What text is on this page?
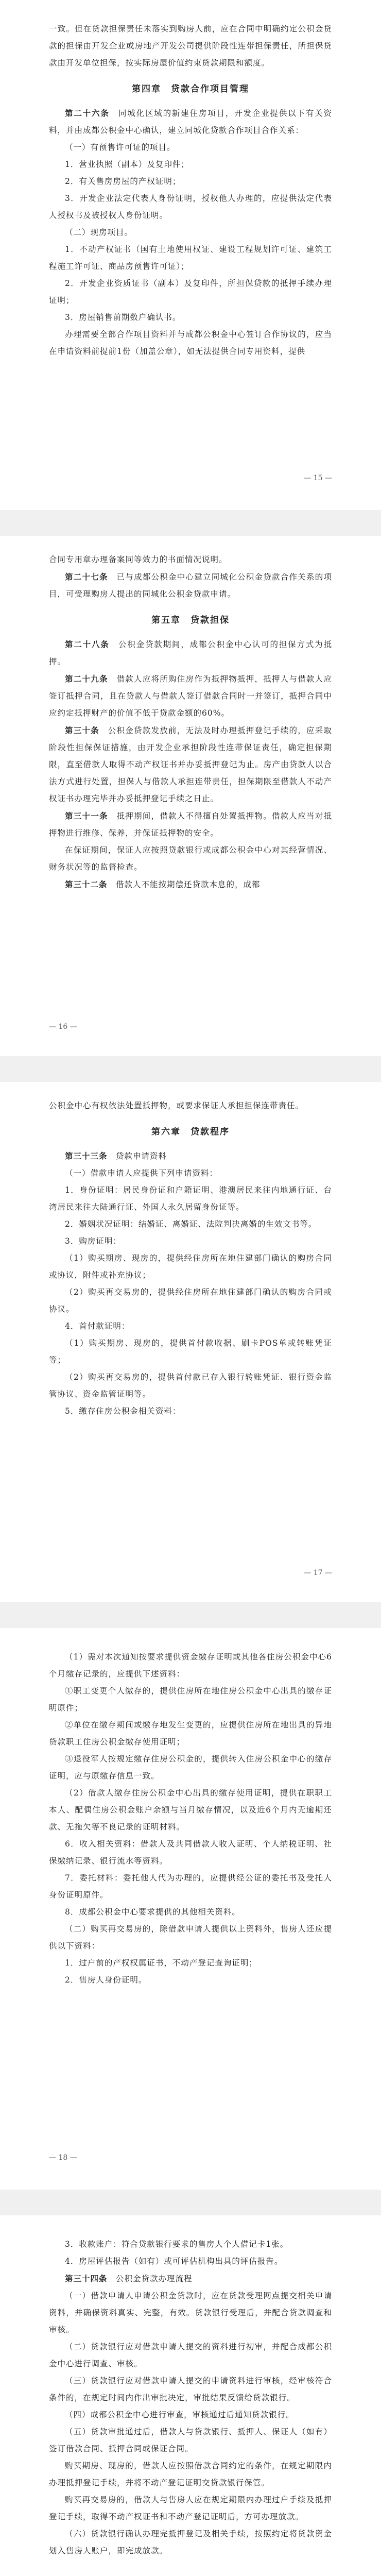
一致。但在贷款担保责任未落实到购房人前，应在合同中明确约定公积金贷款的担保由开发企业或房地产开发公司提供阶段性连带担保责任，所担保贷款由开发单位担保，按实际房屋价值约束贷款期限和额度。

第四章　贷款合作项目管理

第二十六条　同城化区域的新建住房项目，开发企业提供以下有关资料，并由成都公积金中心确认，建立同城化贷款合作项目合作关系：

（一）有预售许可证的项目。

1．营业执照（副本）及复印件；

2．有关售房房屋的产权证明；

3．开发企业法定代表人身份证明，授权他人办理的，应提供法定代表人授权书及被授权人身份证明。

（二）现房项目。

1．不动产权证书（国有土地使用权证、建设工程规划许可证、建筑工程施工许可证、商品房预售许可证）；

2．开发企业资质证书（副本）及复印件，所担保贷款的抵押手续办理证明；

3．房屋销售前期数户确认书。

办理需要全部合作项目资料并与成都公积金中心签订合作协议的，应当在申请资料前提前1份（加盖公章），如无法提供合同专用资料，提供

— 15 —

合同专用章办理备案同等效力的书面情况说明。

第二十七条　已与成都公积金中心建立同城化公积金贷款合作关系的项目，可受理购房人提出的同城化公积金贷款申请。

第五章　贷款担保

第二十八条　公积金贷款期间，成都公积金中心认可的担保方式为抵押。

第二十九条　借款人应将所购住房作为抵押物抵押，抵押人与借款人应签订抵押合同，且在贷款人与借款人签订借款合同时一并签订，抵押合同中应约定抵押财产的价值不低于贷款金额的60%。

第三十条　公积金贷款发放前，无法及时办理抵押登记手续的，应采取阶段性担保保证措施，由开发企业承担阶段性连带保证责任，确定担保期限，直至借款人取得不动产权证书并办妥抵押登记为止。房产由贷款人以合法方式进行处置，担保人与借款人承担连带责任，担保期限至借款人不动产权证书办理完毕并办妥抵押登记手续之日止。

第三十一条　抵押期间，借款人不得擅自处置抵押物。借款人应当对抵押物进行维修、保养，并保证抵押物的安全。

在保证期间，保证人应按照贷款银行或成都公积金中心对其经营情况、财务状况等的监督检查。

第三十二条　借款人不能按期偿还贷款本息的，成都

— 16 —

公积金中心有权依法处置抵押物，或要求保证人承担担保连带责任。

第六章　贷款程序

第三十三条　贷款申请资料

（一）借款申请人应提供下列申请资料：

1．身份证明：居民身份证和户籍证明、港澳居民来往内地通行证、台湾居民来往大陆通行证、外国人永久居留身份证等。

2．婚姻状况证明：结婚证、离婚证、法院判决离婚的生效文书等。

3．购房证明：

（1）购买期房、现房的，提供经住房所在地住建部门确认的购房合同或协议，附件或补充协议；

（2）购买再交易房的，提供经住房所在地住建部门确认的购房合同或协议。

4．首付款证明：

（1）购买期房、现房的，提供首付款收据、刷卡POS单或转账凭证等；

（2）购买再交易房的，提供首付款已存入银行转账凭证、银行资金监管协议、资金监管证明等。

5．缴存住房公积金相关资料：

— 17 —

（1）需对本次通知按要求提供资金缴存证明或其他各住房公积金中心6个月缴存记录的，应提供下述资料：

①职工变更个人缴存的，提供住房所在地住房公积金中心出具的缴存证明原件；

②单位在缴存期间或缴存地发生变更的，应提供住房所在地出具的异地贷款职工住房公积金缴存使用证明；

③退役军人按规定缴存住房公积金的，提供转入住房公积金中心的缴存证明，应与原缴存信息一致。

（2）借款人缴存住房公积金中心出具的缴存使用证明，提供在职职工本人、配偶住房公积金账户余额与当月缴存情况，以及近6个月内无逾期还款、无拖欠等不良记录的证明材料。

6．收入相关资料：借款人及共同借款人收入证明、个人纳税证明、社保缴纳记录、银行流水等资料。

7．委托材料：委托他人代为办理的，应提供经公证的委托书及受托人身份证明原件。

8．成都公积金中心要求提供的其他相关资料。

（二）购买再交易房的，除借款申请人提供以上资料外，售房人还应提供以下资料：

1．过户前的产权权属证书，不动产登记查询证明；

2．售房人身份证明。

— 18 —

3．收款账户：符合贷款银行要求的售房人个人借记卡1张。

4．房屋评估报告（如有）或可评估机构出具的评估报告。

第三十四条　公积金贷款办理流程

（一）借款申请人申请公积金贷款时，应在贷款受理网点提交相关申请资料，并确保资料真实、完整，有效。贷款银行受理后，并配合贷款调查和审核。

（二）贷款银行应对借款申请人提交的资料进行初审，并配合成都公积金中心进行调查、审核。

（三）贷款银行应对借款申请人提交的申请资料进行审核，经审核符合条件的，在规定时间内作出审批决定，审批结果反馈给贷款银行。

（四）成都公积金中心进行审查，审核通过后通知贷款银行。

（五）贷款审批通过后，借款人与贷款银行、抵押人、保证人（如有）签订借款合同、抵押合同或保证合同。

购买期房、现房的，借款人应按照借款合同约定的条件，在规定期限内办理抵押登记手续，并将不动产登记证明交贷款银行保管。

购买再交易房的，借款人与售房人应在规定期限内办理过户手续及抵押登记手续，取得不动产权证书和不动产登记证明后，方可办理放款。

（六）贷款银行确认办理完抵押登记及相关手续，按照约定将贷款资金划入售房人账户，即完成放款。
